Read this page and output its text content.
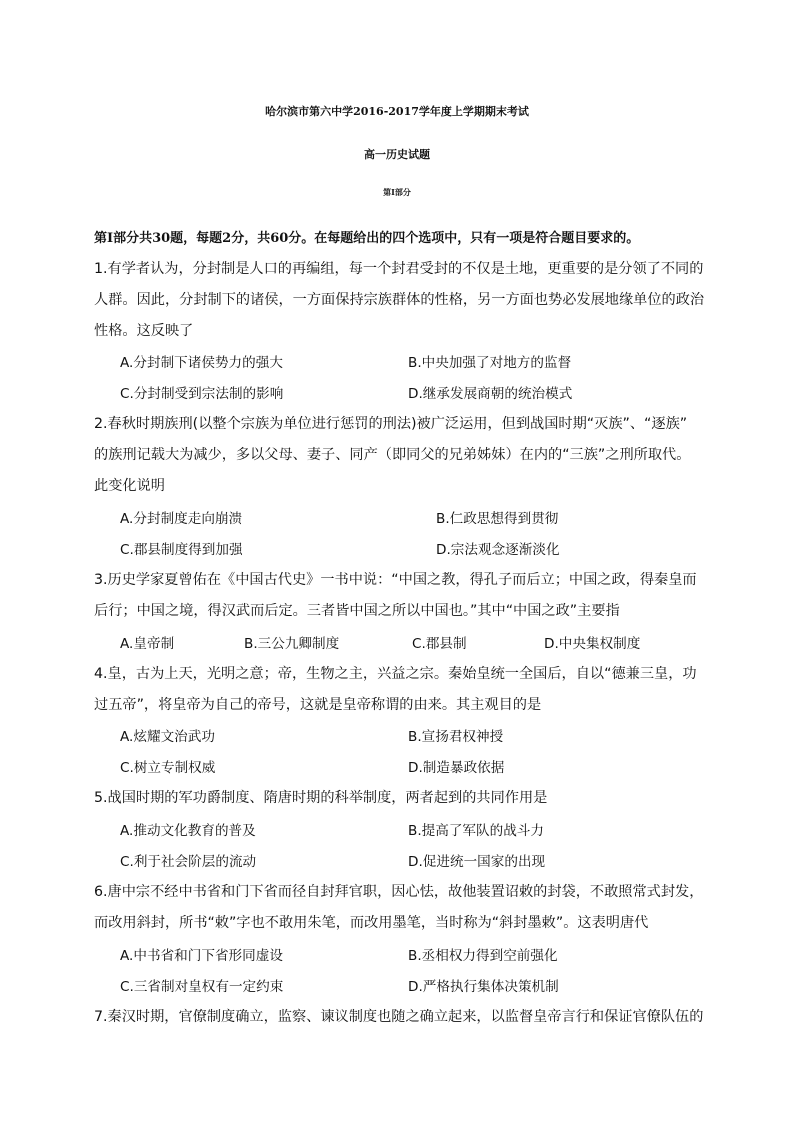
哈尔滨市第六中学2016-2017学年度上学期期末考试
高一历史试题
第Ⅰ部分
第Ⅰ部分共30题，每题2分，共60分。在每题给出的四个选项中，只有一项是符合题目要求的。
1.有学者认为，分封制是人口的再编组，每一个封君受封的不仅是土地，更重要的是分领了不同的
人群。因此，分封制下的诸侯，一方面保持宗族群体的性格，另一方面也势必发展地缘单位的政治
性格。这反映了
A.分封制下诸侯势力的强大	B.中央加强了对地方的监督
C.分封制受到宗法制的影响	D.继承发展商朝的统治模式
2.春秋时期族刑(以整个宗族为单位进行惩罚的刑法)被广泛运用，但到战国时期“灭族”、“逐族”
的族刑记载大为减少，多以父母、妻子、同产（即同父的兄弟姊妹）在内的“三族”之刑所取代。
此变化说明
A.分封制度走向崩溃	B.仁政思想得到贯彻
C.郡县制度得到加强	D.宗法观念逐渐淡化
3.历史学家夏曾佑在《中国古代史》一书中说：“中国之教，得孔子而后立；中国之政，得秦皇而
后行；中国之境，得汉武而后定。三者皆中国之所以中国也。”其中“中国之政”主要指
A.皇帝制	B.三公九卿制度	C.郡县制	D.中央集权制度
4.皇，古为上天，光明之意；帝，生物之主，兴益之宗。秦始皇统一全国后，自以“德兼三皇，功
过五帝”，将皇帝为自己的帝号，这就是皇帝称谓的由来。其主观目的是
A.炫耀文治武功	B.宣扬君权神授
C.树立专制权威	D.制造暴政依据
5.战国时期的军功爵制度、隋唐时期的科举制度，两者起到的共同作用是
A.推动文化教育的普及	B.提高了军队的战斗力
C.利于社会阶层的流动	D.促进统一国家的出现
6.唐中宗不经中书省和门下省而径自封拜官职，因心怯，故他装置诏敕的封袋，不敢照常式封发，
而改用斜封，所书“敕”字也不敢用朱笔，而改用墨笔，当时称为“斜封墨敕”。这表明唐代
A.中书省和门下省形同虚设	B.丞相权力得到空前强化
C.三省制对皇权有一定约束	D.严格执行集体决策机制
7.秦汉时期，官僚制度确立，监察、谏议制度也随之确立起来，以监督皇帝言行和保证官僚队伍的
